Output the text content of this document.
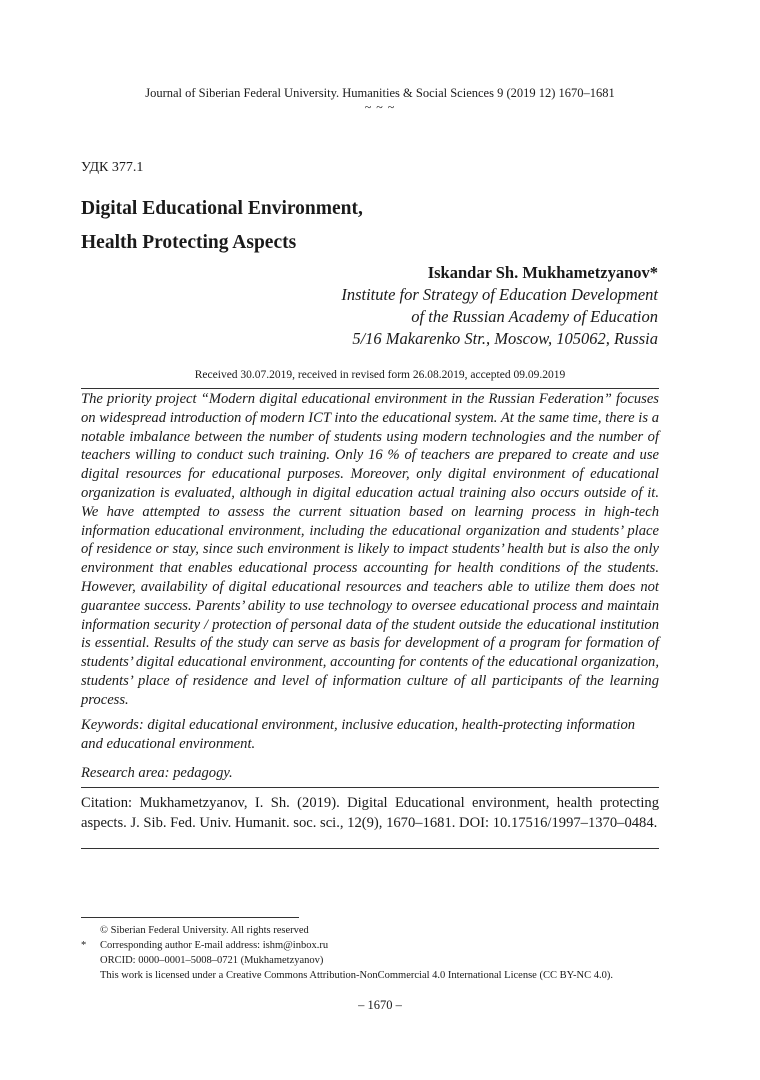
Journal of Siberian Federal University. Humanities & Social Sciences 9 (2019 12) 1670–1681
~ ~ ~
УДК 377.1
Digital Educational Environment,
Health Protecting Aspects
Iskandar Sh. Mukhametzyanov*
Institute for Strategy of Education Development
of the Russian Academy of Education
5/16 Makarenko Str., Moscow, 105062, Russia
Received 30.07.2019, received in revised form 26.08.2019, accepted 09.09.2019

The priority project “Modern digital educational environment in the Russian Federation” focuses on widespread introduction of modern ICT into the educational system. At the same time, there is a notable imbalance between the number of students using modern technologies and the number of teachers willing to conduct such training. Only 16 % of teachers are prepared to create and use digital resources for educational purposes. Moreover, only digital environment of educational organization is evaluated, although in digital education actual training also occurs outside of it. We have attempted to assess the current situation based on learning process in high-tech information educational environment, including the educational organization and students’ place of residence or stay, since such environment is likely to impact students’ health but is also the only environment that enables educational process accounting for health conditions of the students. However, availability of digital educational resources and teachers able to utilize them does not guarantee success. Parents’ ability to use technology to oversee educational process and maintain information security / protection of personal data of the student outside the educational institution is essential. Results of the study can serve as basis for development of a program for formation of students’ digital educational environment, accounting for contents of the educational organization, students’ place of residence and level of information culture of all participants of the learning process.

Keywords: digital educational environment, inclusive education, health-protecting information and educational environment.

Research area: pedagogy.

Citation: Mukhametzyanov, I. Sh. (2019). Digital Educational environment, health protecting aspects. J. Sib. Fed. Univ. Humanit. soc. sci., 12(9), 1670–1681. DOI: 10.17516/1997–1370–0484.

© Siberian Federal University. All rights reserved
* Corresponding author E-mail address: ishm@inbox.ru
ORCID: 0000–0001–5008–0721 (Mukhametzyanov)
This work is licensed under a Creative Commons Attribution-NonCommercial 4.0 International License (CC BY-NC 4.0).
– 1670 –
